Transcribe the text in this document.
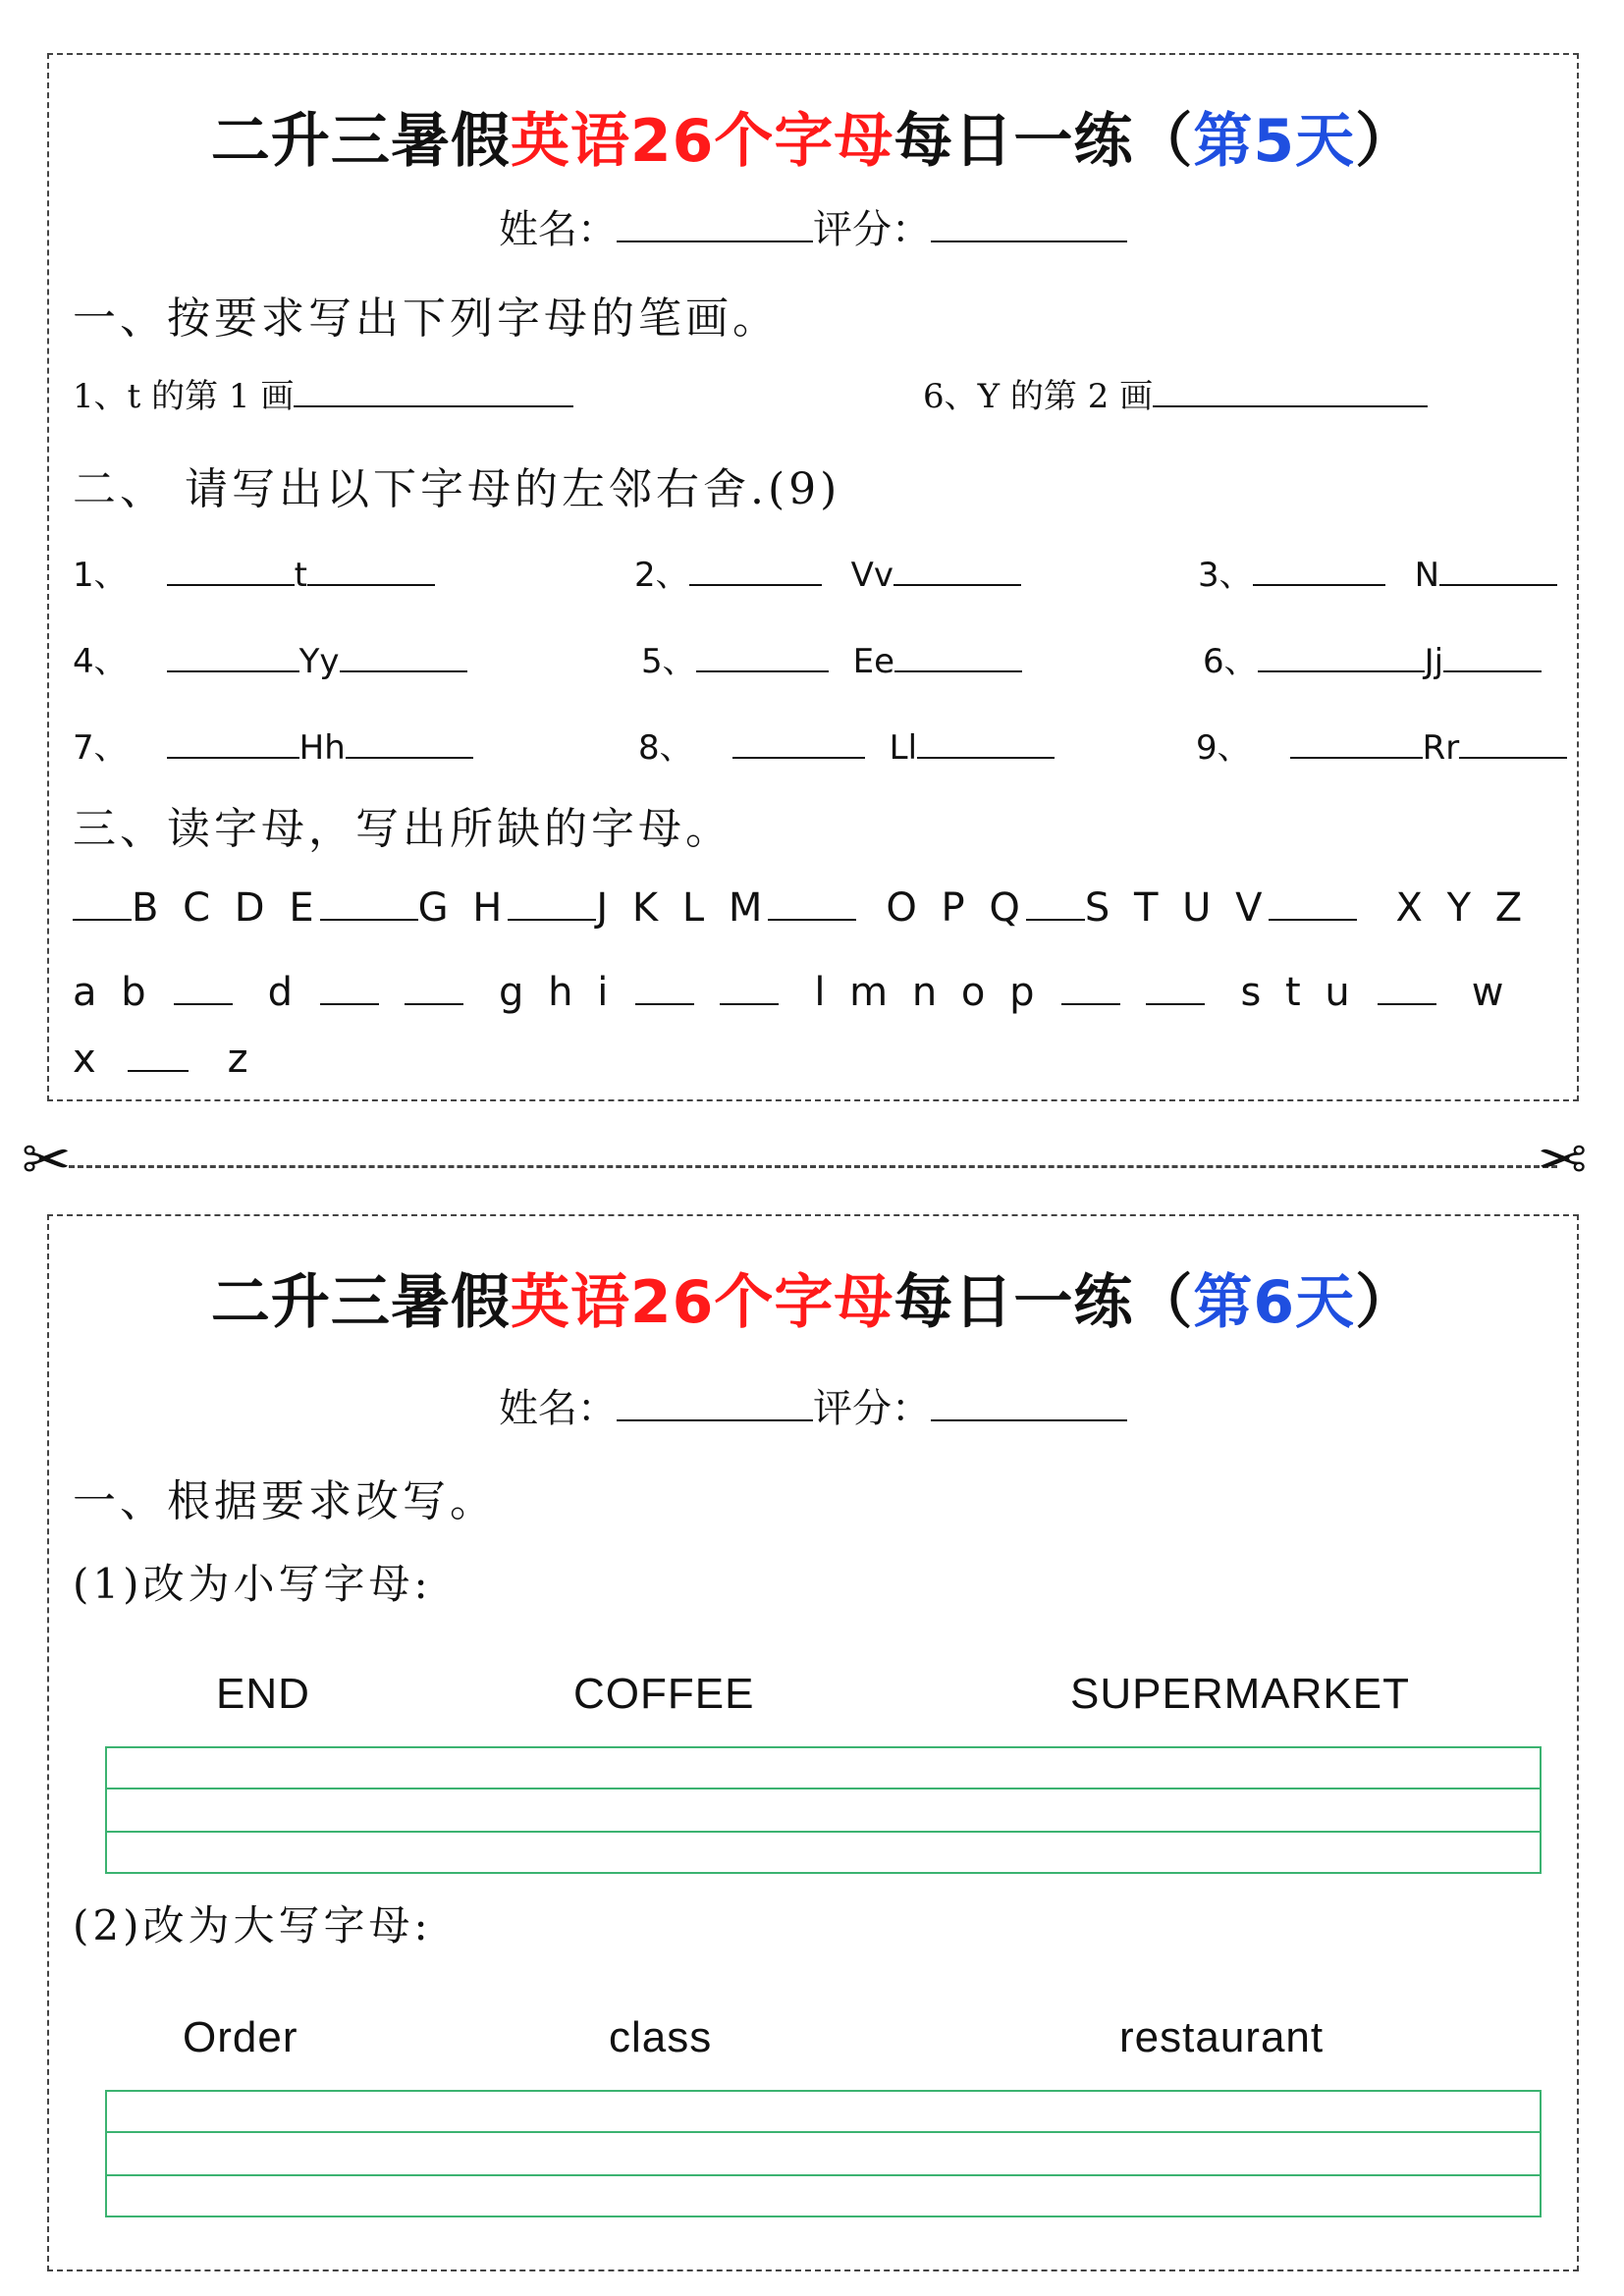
二升三暑假英语26个字母每日一练（第5天）
姓名：	评分：
一、按要求写出下列字母的笔画。
1、t 的第 1 画	6、Y 的第 2 画
二、 请写出以下字母的左邻右舍.(9)
1、	t	2、	Vv	3、	N
4、	Yy	5、	Ee	6、	Jj
7、	Hh	8、	Ll	9、	Rr
三、读字母，写出所缺的字母。
B C D E	G H J K L M	O P Q S T U V	X Y Z
a b	d	g h i	l m n o p	s t u	w
x	z
✂	✂
二升三暑假英语26个字母每日一练（第6天）
姓名：	评分：
一、根据要求改写。
(1)改为小写字母:
END	COFFEE	SUPERMARKET
(2)改为大写字母:
Order	class	restaurant
